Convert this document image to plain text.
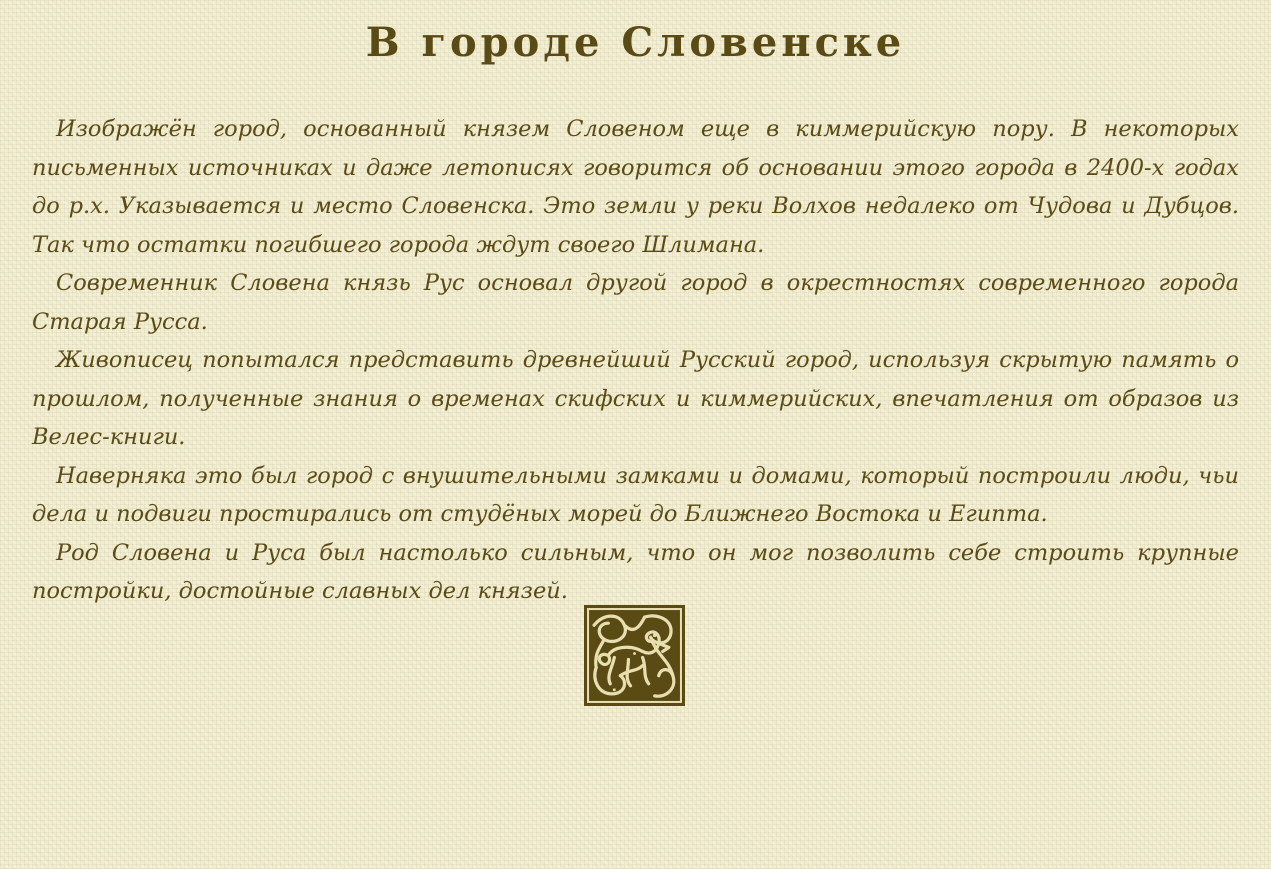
В городе Словенске

Изображён город, основанный князем Словеном еще в киммерийскую пору. В некоторых письменных источниках и даже летописях говорится об основании этого города в 2400-х годах до р.х. Указывается и место Словенска. Это земли у реки Волхов недалеко от Чудова и Дубцов. Так что остатки погибшего города ждут своего Шлимана.

Современник Словена князь Рус основал другой город в окрестностях современного города Старая Русса.

Живописец попытался представить древнейший Русский город, используя скрытую память о прошлом, полученные знания о временах скифских и киммерийских, впечатления от образов из Велес-книги.

Наверняка это был город с внушительными замками и домами, который построили люди, чьи дела и подвиги простирались от студёных морей до Ближнего Востока и Египта.

Род Словена и Руса был настолько сильным, что он мог позволить себе строить крупные постройки, достойные славных дел князей.
